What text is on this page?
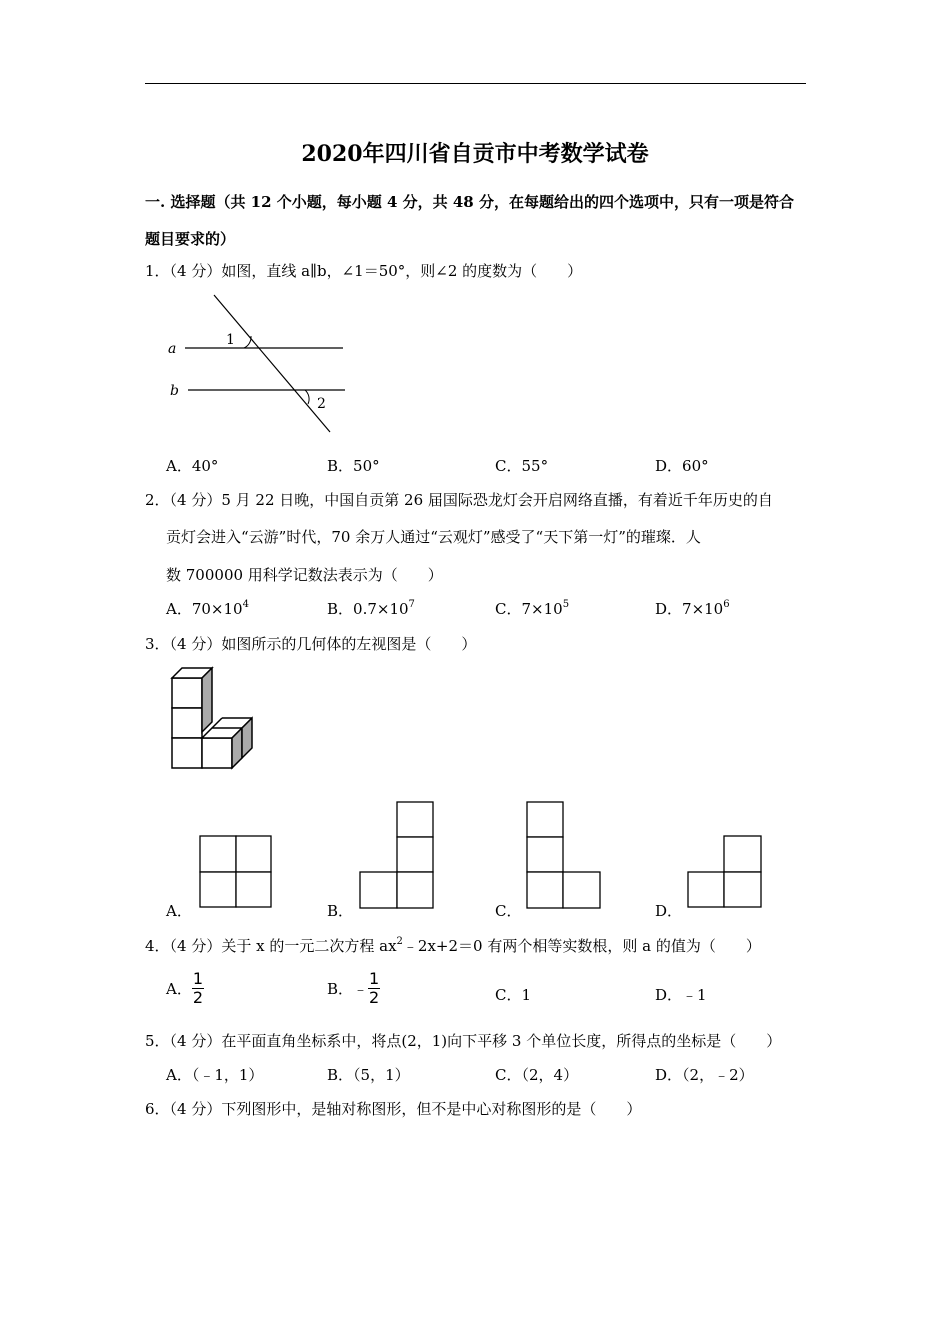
2020年四川省自贡市中考数学试卷
一. 选择题（共 12 个小题，每小题 4 分，共 48 分，在每题给出的四个选项中，只有一项是符合
题目要求的）
1．（4 分）如图，直线 a∥b，∠1＝50°，则∠2 的度数为（　　）
a
b
1
2
A．40°	B．50°	C．55°	D．60°
2．（4 分）5 月 22 日晚，中国自贡第 26 届国际恐龙灯会开启网络直播，有着近千年历史的自
贡灯会进入“云游”时代，70 余万人通过“云观灯”感受了“天下第一灯”的璀璨．人
数 700000 用科学记数法表示为（　　）
A．$70\times 10^4$	B．$0.7\times 10^7$	C．$7\times 10^5$	D．$7\times 10^6$
3．（4 分）如图所示的几何体的左视图是（　　）
A．	B．	C．	D．
4．（4 分）关于 x 的一元二次方程 $ax^2﹣2x+2=0$ 有两个相等实数根，则 a 的值为（　　）
A． $\frac{1}{2}$	B．﹣ $\frac{1}{2}$	C．1	D．﹣1
5．（4 分）在平面直角坐标系中，将点(2，1)向下平移 3 个单位长度，所得点的坐标是（　　）
A．（﹣1，1）	B．（5，1）	C．（2，4）	D．（2，﹣2）
6．（4 分）下列图形中，是轴对称图形，但不是中心对称图形的是（　　）
